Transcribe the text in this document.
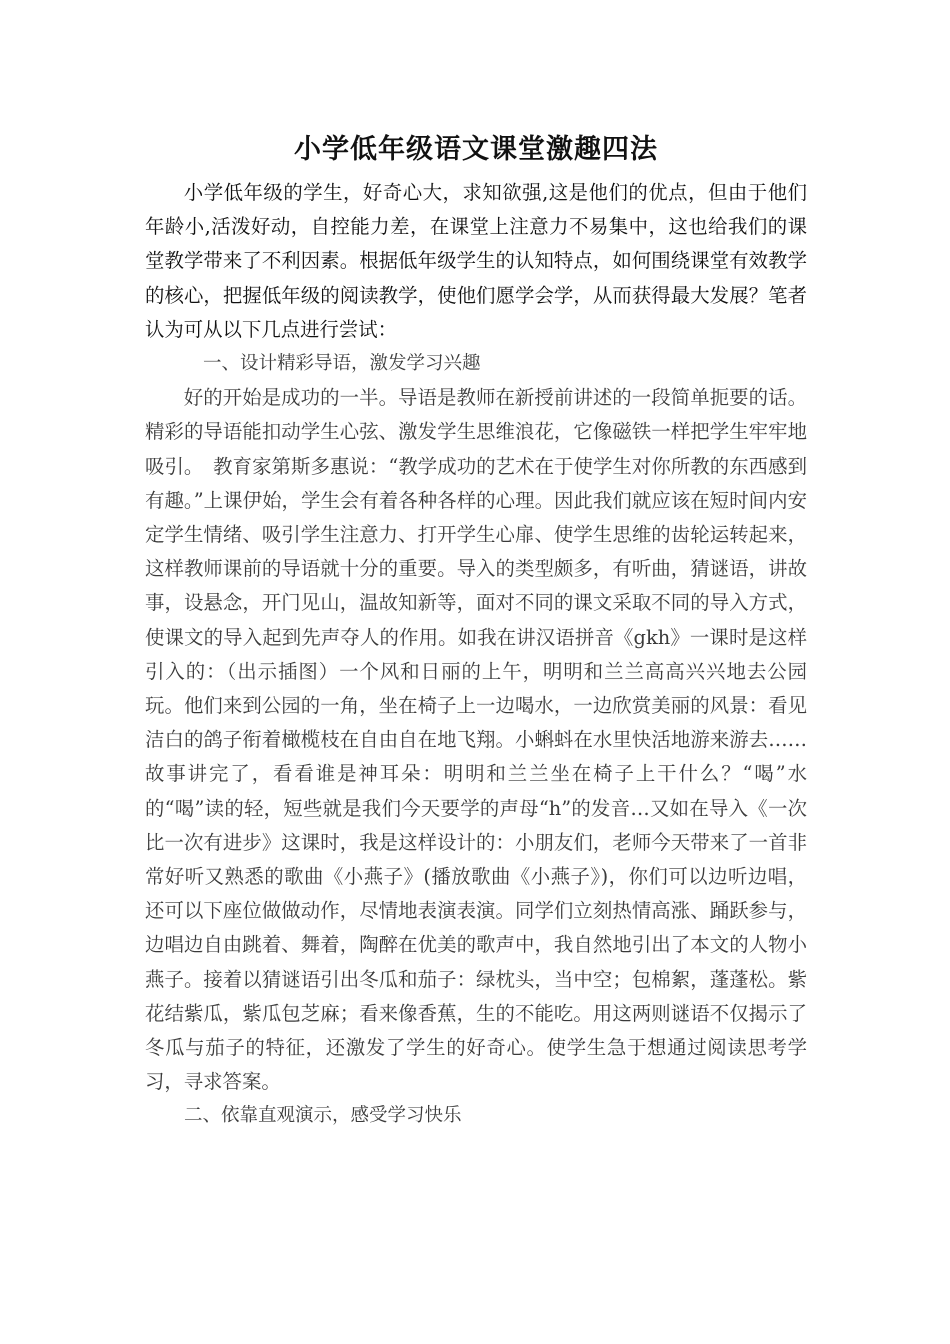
小学低年级语文课堂激趣四法

小学低年级的学生，好奇心大，求知欲强,这是他们的优点，但由于他们年龄小,活泼好动，自控能力差，在课堂上注意力不易集中，这也给我们的课堂教学带来了不利因素。根据低年级学生的认知特点，如何围绕课堂有效教学的核心，把握低年级的阅读教学，使他们愿学会学，从而获得最大发展？笔者认为可从以下几点进行尝试：

一、设计精彩导语，激发学习兴趣

好的开始是成功的一半。导语是教师在新授前讲述的一段简单扼要的话。精彩的导语能扣动学生心弦、激发学生思维浪花，它像磁铁一样把学生牢牢地吸引。　教育家第斯多惠说：“教学成功的艺术在于使学生对你所教的东西感到有趣。”上课伊始，学生会有着各种各样的心理。因此我们就应该在短时间内安定学生情绪、吸引学生注意力、打开学生心扉、使学生思维的齿轮运转起来，这样教师课前的导语就十分的重要。导入的类型颇多，有听曲，猜谜语，讲故事，设悬念，开门见山，温故知新等，面对不同的课文采取不同的导入方式，使课文的导入起到先声夺人的作用。如我在讲汉语拼音《gkh》一课时是这样引入的：（出示插图）一个风和日丽的上午，明明和兰兰高高兴兴地去公园玩。他们来到公园的一角，坐在椅子上一边喝水，一边欣赏美丽的风景：看见洁白的鸽子衔着橄榄枝在自由自在地飞翔。小蝌蚪在水里快活地游来游去……故事讲完了，看看谁是神耳朵：明明和兰兰坐在椅子上干什么？“喝”水的“喝”读的轻，短些就是我们今天要学的声母“h”的发音…又如在导入《一次比一次有进步》这课时，我是这样设计的：小朋友们，老师今天带来了一首非常好听又熟悉的歌曲《小燕子》(播放歌曲《小燕子》)，你们可以边听边唱，还可以下座位做做动作，尽情地表演表演。同学们立刻热情高涨、踊跃参与，边唱边自由跳着、舞着，陶醉在优美的歌声中，我自然地引出了本文的人物小燕子。接着以猜谜语引出冬瓜和茄子：绿枕头，当中空；包棉絮，蓬蓬松。紫花结紫瓜，紫瓜包芝麻；看来像香蕉，生的不能吃。用这两则谜语不仅揭示了冬瓜与茄子的特征，还激发了学生的好奇心。使学生急于想通过阅读思考学习，寻求答案。

二、依靠直观演示，感受学习快乐
